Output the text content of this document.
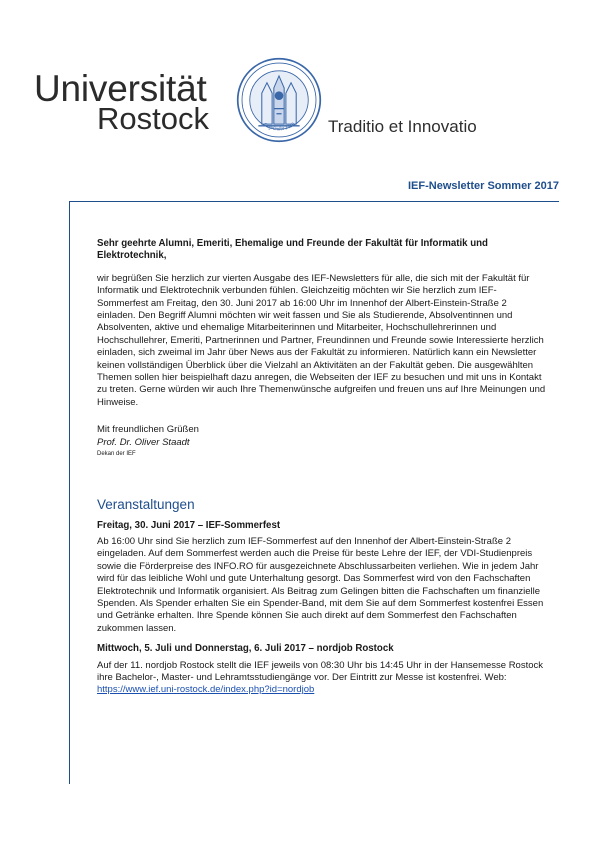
Universität
Rostock	Gegründet 1419 Traditio et Innovatio
IEF-Newsletter Sommer 2017

Sehr geehrte Alumni, Emeriti, Ehemalige und Freunde der Fakultät für Informatik und Elektrotechnik,

wir begrüßen Sie herzlich zur vierten Ausgabe des IEF-Newsletters für alle, die sich mit der Fakultät für Informatik und Elektrotechnik verbunden fühlen. Gleichzeitig möchten wir Sie herzlich zum IEF-Sommerfest am Freitag, den 30. Juni 2017 ab 16:00 Uhr im Innenhof der Albert-Einstein-Straße 2 einladen. Den Begriff Alumni möchten wir weit fassen und Sie als Studierende, Absolventinnen und Absolventen, aktive und ehemalige Mitarbeiterinnen und Mitarbeiter, Hochschullehrerinnen und Hochschullehrer, Emeriti, Partnerinnen und Partner, Freundinnen und Freunde sowie Interessierte herzlich einladen, sich zweimal im Jahr über News aus der Fakultät zu informieren. Natürlich kann ein Newsletter keinen vollständigen Überblick über die Vielzahl an Aktivitäten an der Fakultät geben. Die ausgewählten Themen sollen hier beispielhaft dazu anregen, die Webseiten der IEF zu besuchen und mit uns in Kontakt zu treten. Gerne würden wir auch Ihre Themenwünsche aufgreifen und freuen uns auf Ihre Meinungen und Hinweise.

Mit freundlichen Grüßen

Prof. Dr. Oliver Staadt

Dekan der IEF

Veranstaltungen

Freitag, 30. Juni 2017 – IEF-Sommerfest

Ab 16:00 Uhr sind Sie herzlich zum IEF-Sommerfest auf den Innenhof der Albert-Einstein-Straße 2 eingeladen. Auf dem Sommerfest werden auch die Preise für beste Lehre der IEF, der VDI-Studienpreis sowie die Förderpreise des INFO.RO für ausgezeichnete Abschlussarbeiten verliehen. Wie in jedem Jahr wird für das leibliche Wohl und gute Unterhaltung gesorgt. Das Sommerfest wird von den Fachschaften Elektrotechnik und Informatik organisiert. Als Beitrag zum Gelingen bitten die Fachschaften um finanzielle Spenden. Als Spender erhalten Sie ein Spender-Band, mit dem Sie auf dem Sommerfest kostenfrei Essen und Getränke erhalten. Ihre Spende können Sie auch direkt auf dem Sommerfest den Fachschaften zukommen lassen.

Mittwoch, 5. Juli und Donnerstag, 6. Juli 2017 – nordjob Rostock

Auf der 11. nordjob Rostock stellt die IEF jeweils von 08:30 Uhr bis 14:45 Uhr in der Hansemesse Rostock ihre Bachelor-, Master- und Lehramtsstudiengänge vor. Der Eintritt zur Messe ist kostenfrei. Web: https://www.ief.uni-rostock.de/index.php?id=nordjob
